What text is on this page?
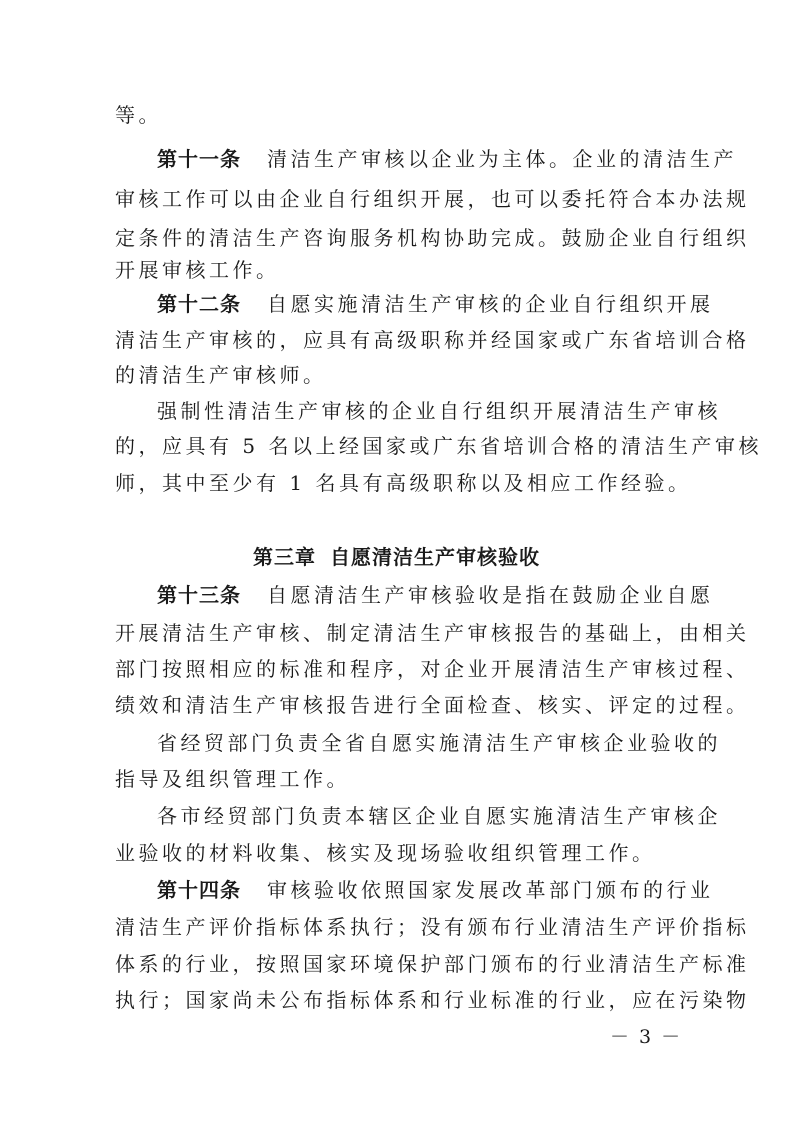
等。
第十一条 清洁生产审核以企业为主体。企业的清洁生产
审核工作可以由企业自行组织开展，也可以委托符合本办法规
定条件的清洁生产咨询服务机构协助完成。鼓励企业自行组织
开展审核工作。
第十二条 自愿实施清洁生产审核的企业自行组织开展
清洁生产审核的，应具有高级职称并经国家或广东省培训合格
的清洁生产审核师。
强制性清洁生产审核的企业自行组织开展清洁生产审核
的，应具有 5 名以上经国家或广东省培训合格的清洁生产审核
师，其中至少有 1 名具有高级职称以及相应工作经验。
第三章 自愿清洁生产审核验收
第十三条 自愿清洁生产审核验收是指在鼓励企业自愿
开展清洁生产审核、制定清洁生产审核报告的基础上，由相关
部门按照相应的标准和程序，对企业开展清洁生产审核过程、
绩效和清洁生产审核报告进行全面检查、核实、评定的过程。
省经贸部门负责全省自愿实施清洁生产审核企业验收的
指导及组织管理工作。
各市经贸部门负责本辖区企业自愿实施清洁生产审核企
业验收的材料收集、核实及现场验收组织管理工作。
第十四条 审核验收依照国家发展改革部门颁布的行业
清洁生产评价指标体系执行；没有颁布行业清洁生产评价指标
体系的行业，按照国家环境保护部门颁布的行业清洁生产标准
执行；国家尚未公布指标体系和行业标准的行业，应在污染物
－ 3 －
